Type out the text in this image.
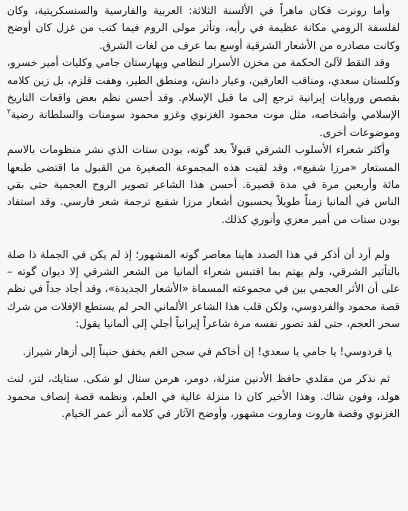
وأما رونرت فكان ماهراً في الألسنة الثلاثة: العربية والفارسية والسنسكريتية، وكان لفلسفة الرومي مكانة عظيمة في رأيه، وتأثر مولى الروم فيما كتب من غزل كان أوضح وكانت مصادره من الأشعار الشرقية أوسع بما عرف من لغات الشرق.

وقد التقط لآلئ الحكمة من مخزن الأسرار لنظامي وبهارستان جامي وكليات أمير خسرو، وكلستان سعدي، ومناقب العارفين، وعيار دانش، ومنطق الطير، وهفت قلزم، بل زين كلامه بقصص وروايات إيرانية ترجع إلى ما قبل الإسلام. وقد أحسن نظم بعض واقعات التاريخ الإسلامي وأشخاصه، مثل موت محمود الغزنوي وغزو محمود سومنات والسلطانة رضية$^٢$ وموضوعات أخرى.

وأكثر شعراء الأسلوب الشرقي قبولاً بعد گوته، بودن ستات الذي نشر منظومات بالاسم المستعار «مرزا شفيع»، وقد لقيت هذه المجموعة الصغيرة من القبول ما اقتضى طبعها مائة وأربعين مرة في مدة قصيرة. أحسن هذا الشاعر تصوير الروح العجمية حتى بقي الناس في ألمانيا زمناً طويلاً يحسبون أشعار مرزا شفيع ترجمة شعر فارسي. وقد استفاد بودن ستات من أمير معزي وأنوري كذلك.

ولم أرد أن أذكر في هذا الصدد هاينا معاصر گوته المشهور؛ إذ لم يكن في الجملة ذا صلة بالتأثير الشرقي، ولم يهتم بما اقتبس شعراء ألمانيا من الشعر الشرقي إلا ديوان گوته – على أن الأثر العجمي بين في مجموعته المسماة «الأشعار الجديدة»، وقد أجاد جداً في نظم قصة محمود والفردوسي، ولكن قلب هذا الشاعر الألماني الحر لم يستطع الإفلات من شرك سحر العجم، حتى لقد تصور نفسه مرة شاعراً إيرانياً أجلي إلى ألمانيا يقول:

يا فردوسي! يا جامي يا سعدي! إن أخاكم في سجن الغم يخفق حنيناً إلى أزهار شيراز.

ثم نذكر من مقلدي حافظ الأدنين منزلة، دومر، هرمن ستال لو شكى. ستايك، لتز، لنث هولد، وفون شاك. وهذا الأخير كان ذا منزلة عالية في العلم، ونظمه قصة إنصاف محمود الغزنوي وقصة هاروت وماروت مشهور، وأوضح الآثار في كلامه أثر عمر الخيام.
